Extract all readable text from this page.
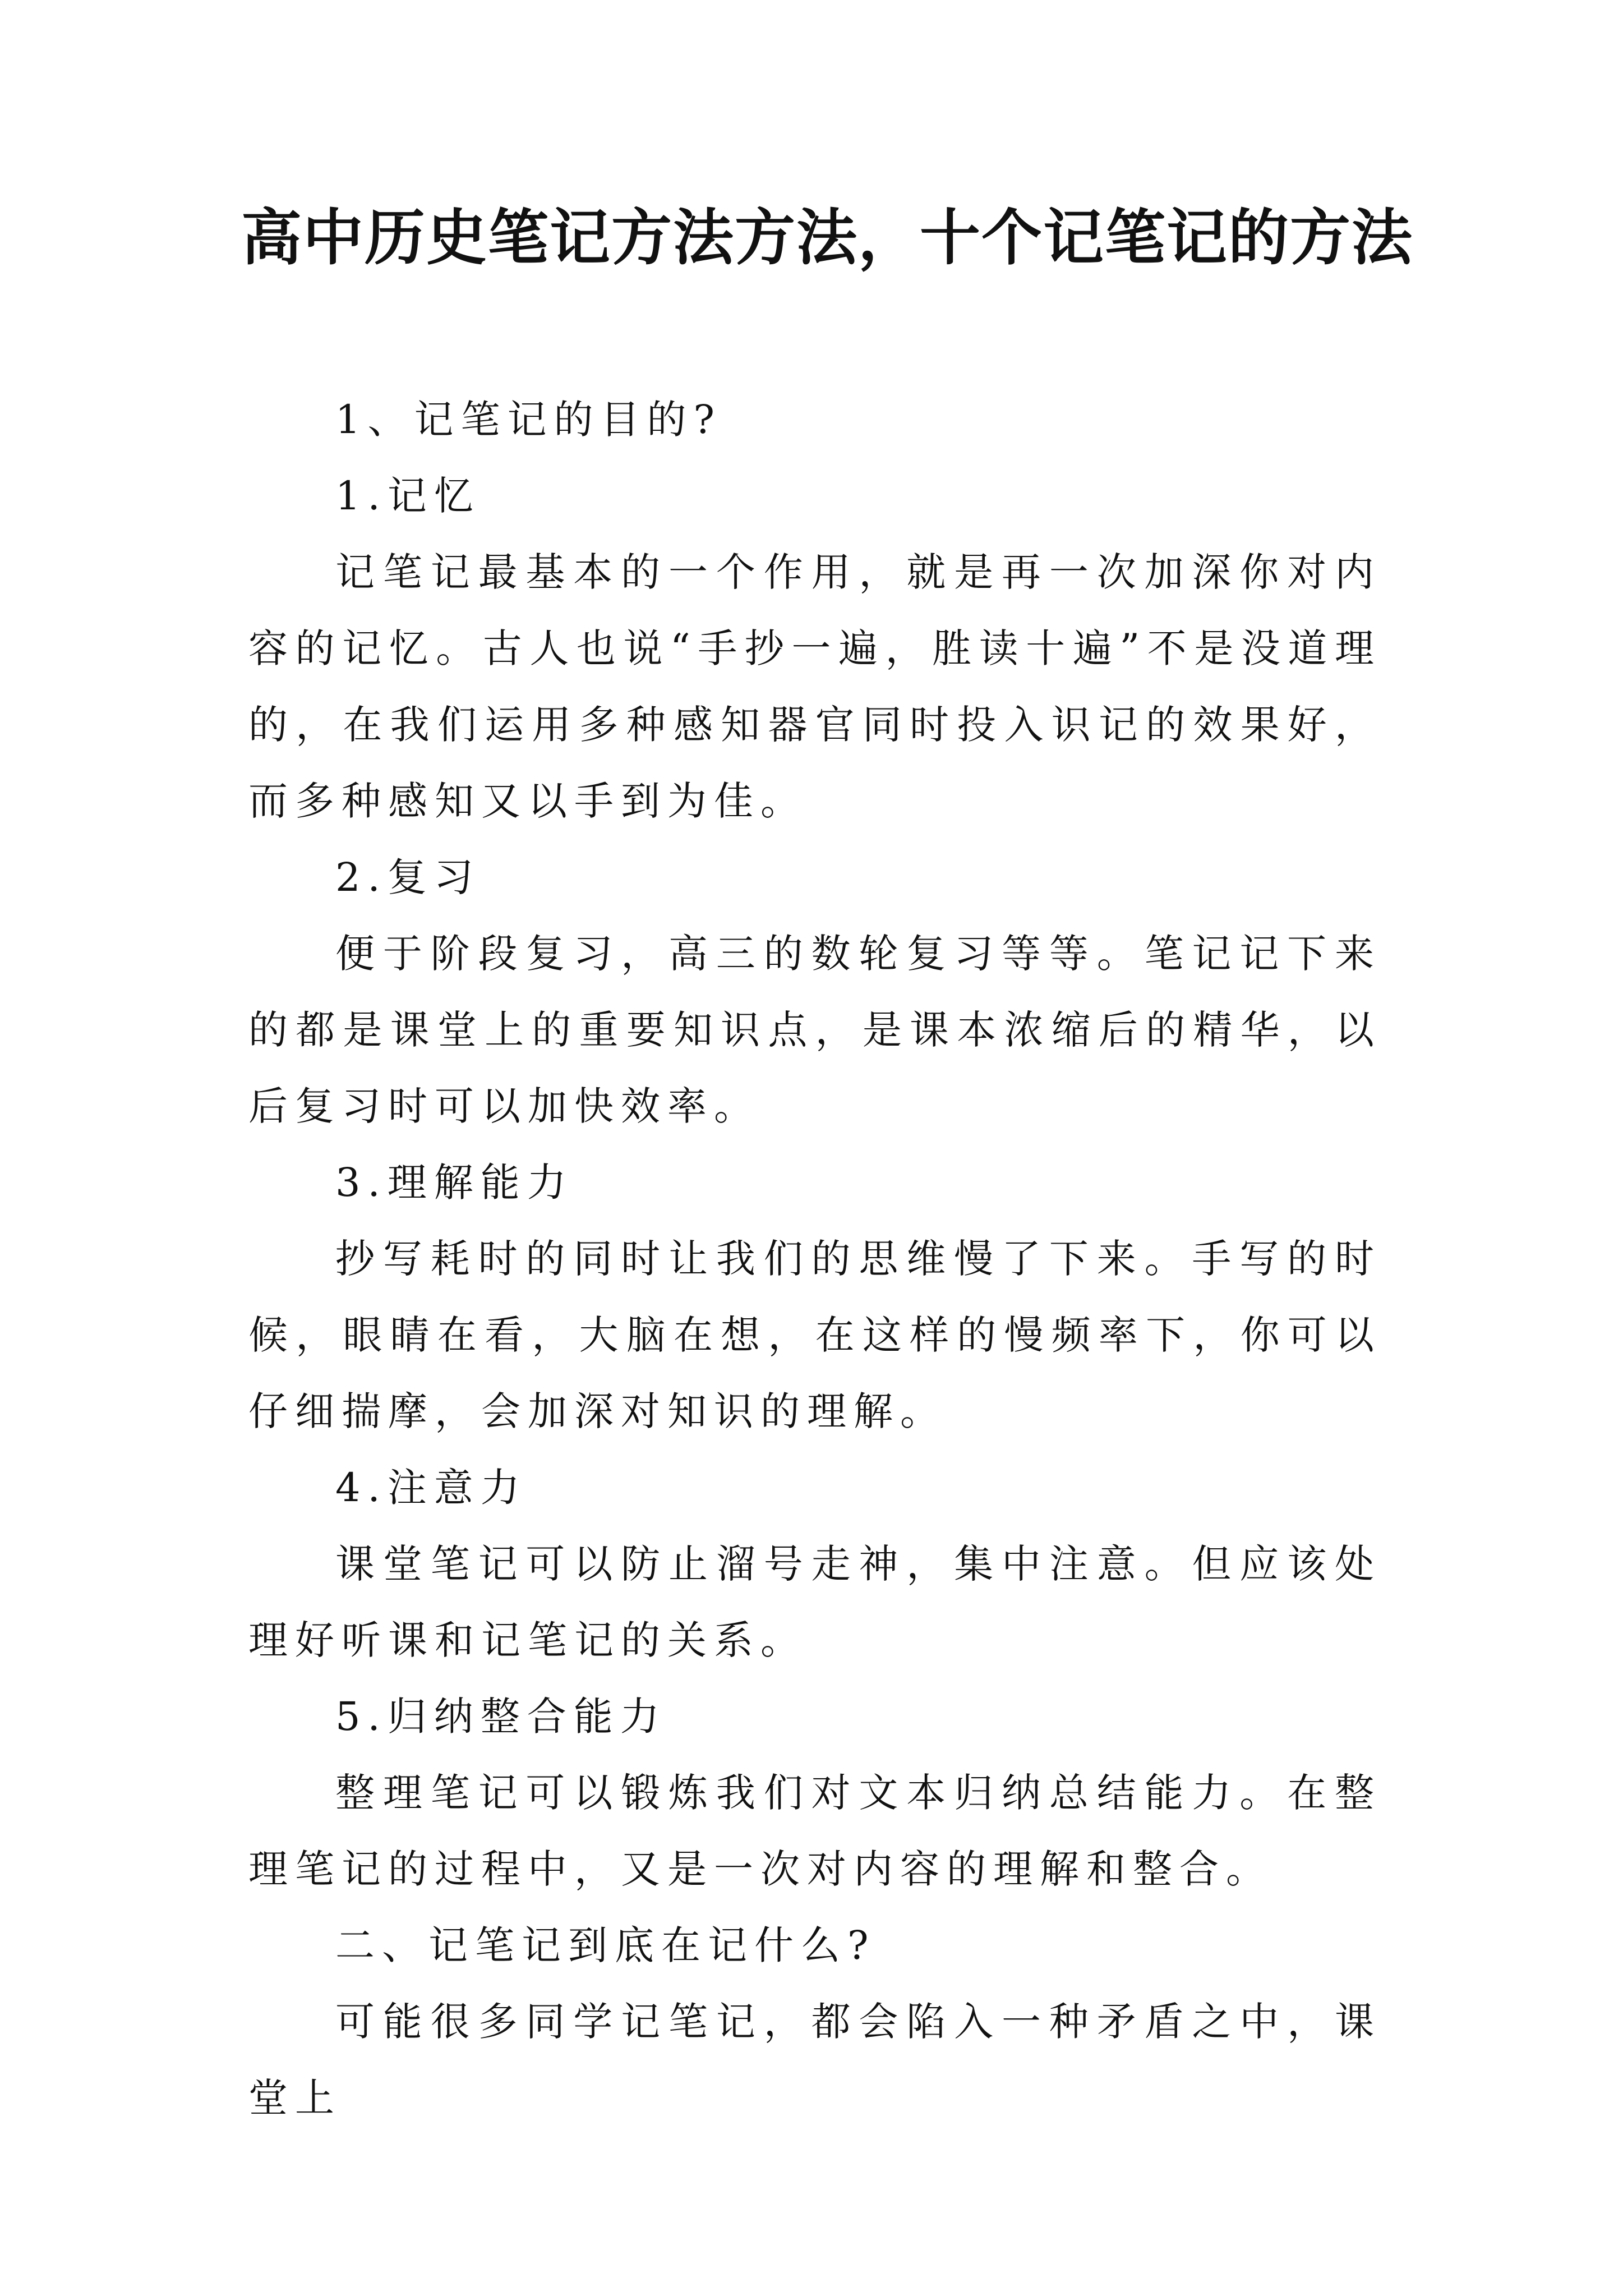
高中历史笔记方法方法，十个记笔记的方法

1、记笔记的目的?

1.记忆

记笔记最基本的一个作用，就是再一次加深你对内容的记忆。古人也说“手抄一遍，胜读十遍”不是没道理的，在我们运用多种感知器官同时投入识记的效果好，而多种感知又以手到为佳。

2.复习

便于阶段复习，高三的数轮复习等等。笔记记下来的都是课堂上的重要知识点，是课本浓缩后的精华，以后复习时可以加快效率。

3.理解能力

抄写耗时的同时让我们的思维慢了下来。手写的时候，眼睛在看，大脑在想，在这样的慢频率下，你可以仔细揣摩，会加深对知识的理解。

4.注意力

课堂笔记可以防止溜号走神，集中注意。但应该处理好听课和记笔记的关系。

5.归纳整合能力

整理笔记可以锻炼我们对文本归纳总结能力。在整理笔记的过程中，又是一次对内容的理解和整合。

二、记笔记到底在记什么?

可能很多同学记笔记，都会陷入一种矛盾之中，课堂上
